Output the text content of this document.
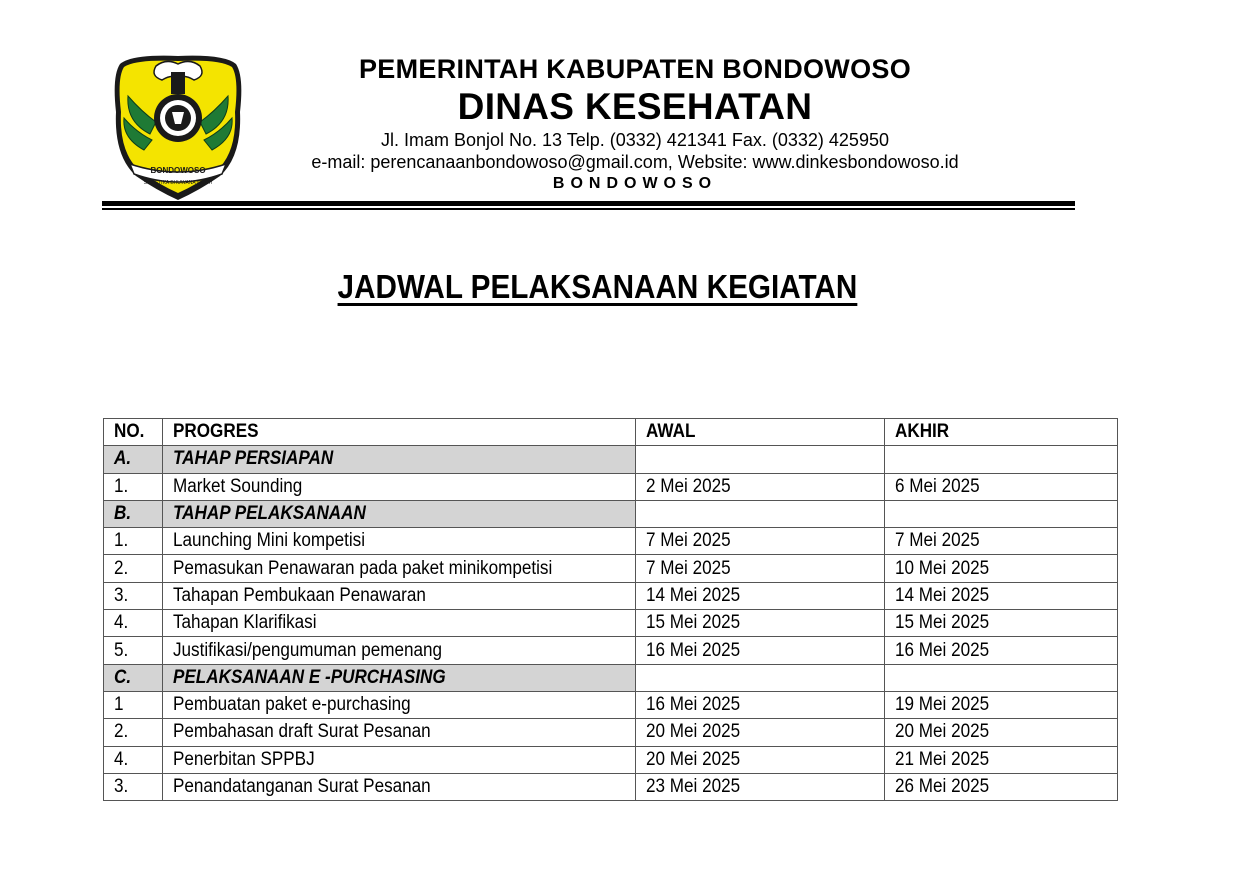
BONDOWOSO
SWASTIKA BHUWANA MUKTI
PEMERINTAH KABUPATEN BONDOWOSO
DINAS KESEHATAN
Jl. Imam Bonjol No. 13 Telp. (0332) 421341 Fax. (0332) 425950
e-mail: perencanaanbondowoso@gmail.com, Website: www.dinkesbondowoso.id
BONDOWOSO
JADWAL PELAKSANAAN KEGIATAN
NO.	PROGRES	AWAL	AKHIR
A.	TAHAP PERSIAPAN		
1.	Market Sounding	2 Mei 2025	6 Mei 2025
B.	TAHAP PELAKSANAAN		
1.	Launching Mini kompetisi	7 Mei 2025	7 Mei 2025
2.	Pemasukan Penawaran pada paket minikompetisi	7 Mei 2025	10 Mei 2025
3.	Tahapan Pembukaan Penawaran	14 Mei 2025	14 Mei 2025
4.	Tahapan Klarifikasi	15 Mei 2025	15 Mei 2025
5.	Justifikasi/pengumuman pemenang	16 Mei 2025	16 Mei 2025
C.	PELAKSANAAN E -PURCHASING		
1	Pembuatan paket e-purchasing	16 Mei 2025	19 Mei 2025
2.	Pembahasan draft Surat Pesanan	20 Mei 2025	20 Mei 2025
4.	Penerbitan SPPBJ	20 Mei 2025	21 Mei 2025
3.	Penandatanganan Surat Pesanan	23 Mei 2025	26 Mei 2025
